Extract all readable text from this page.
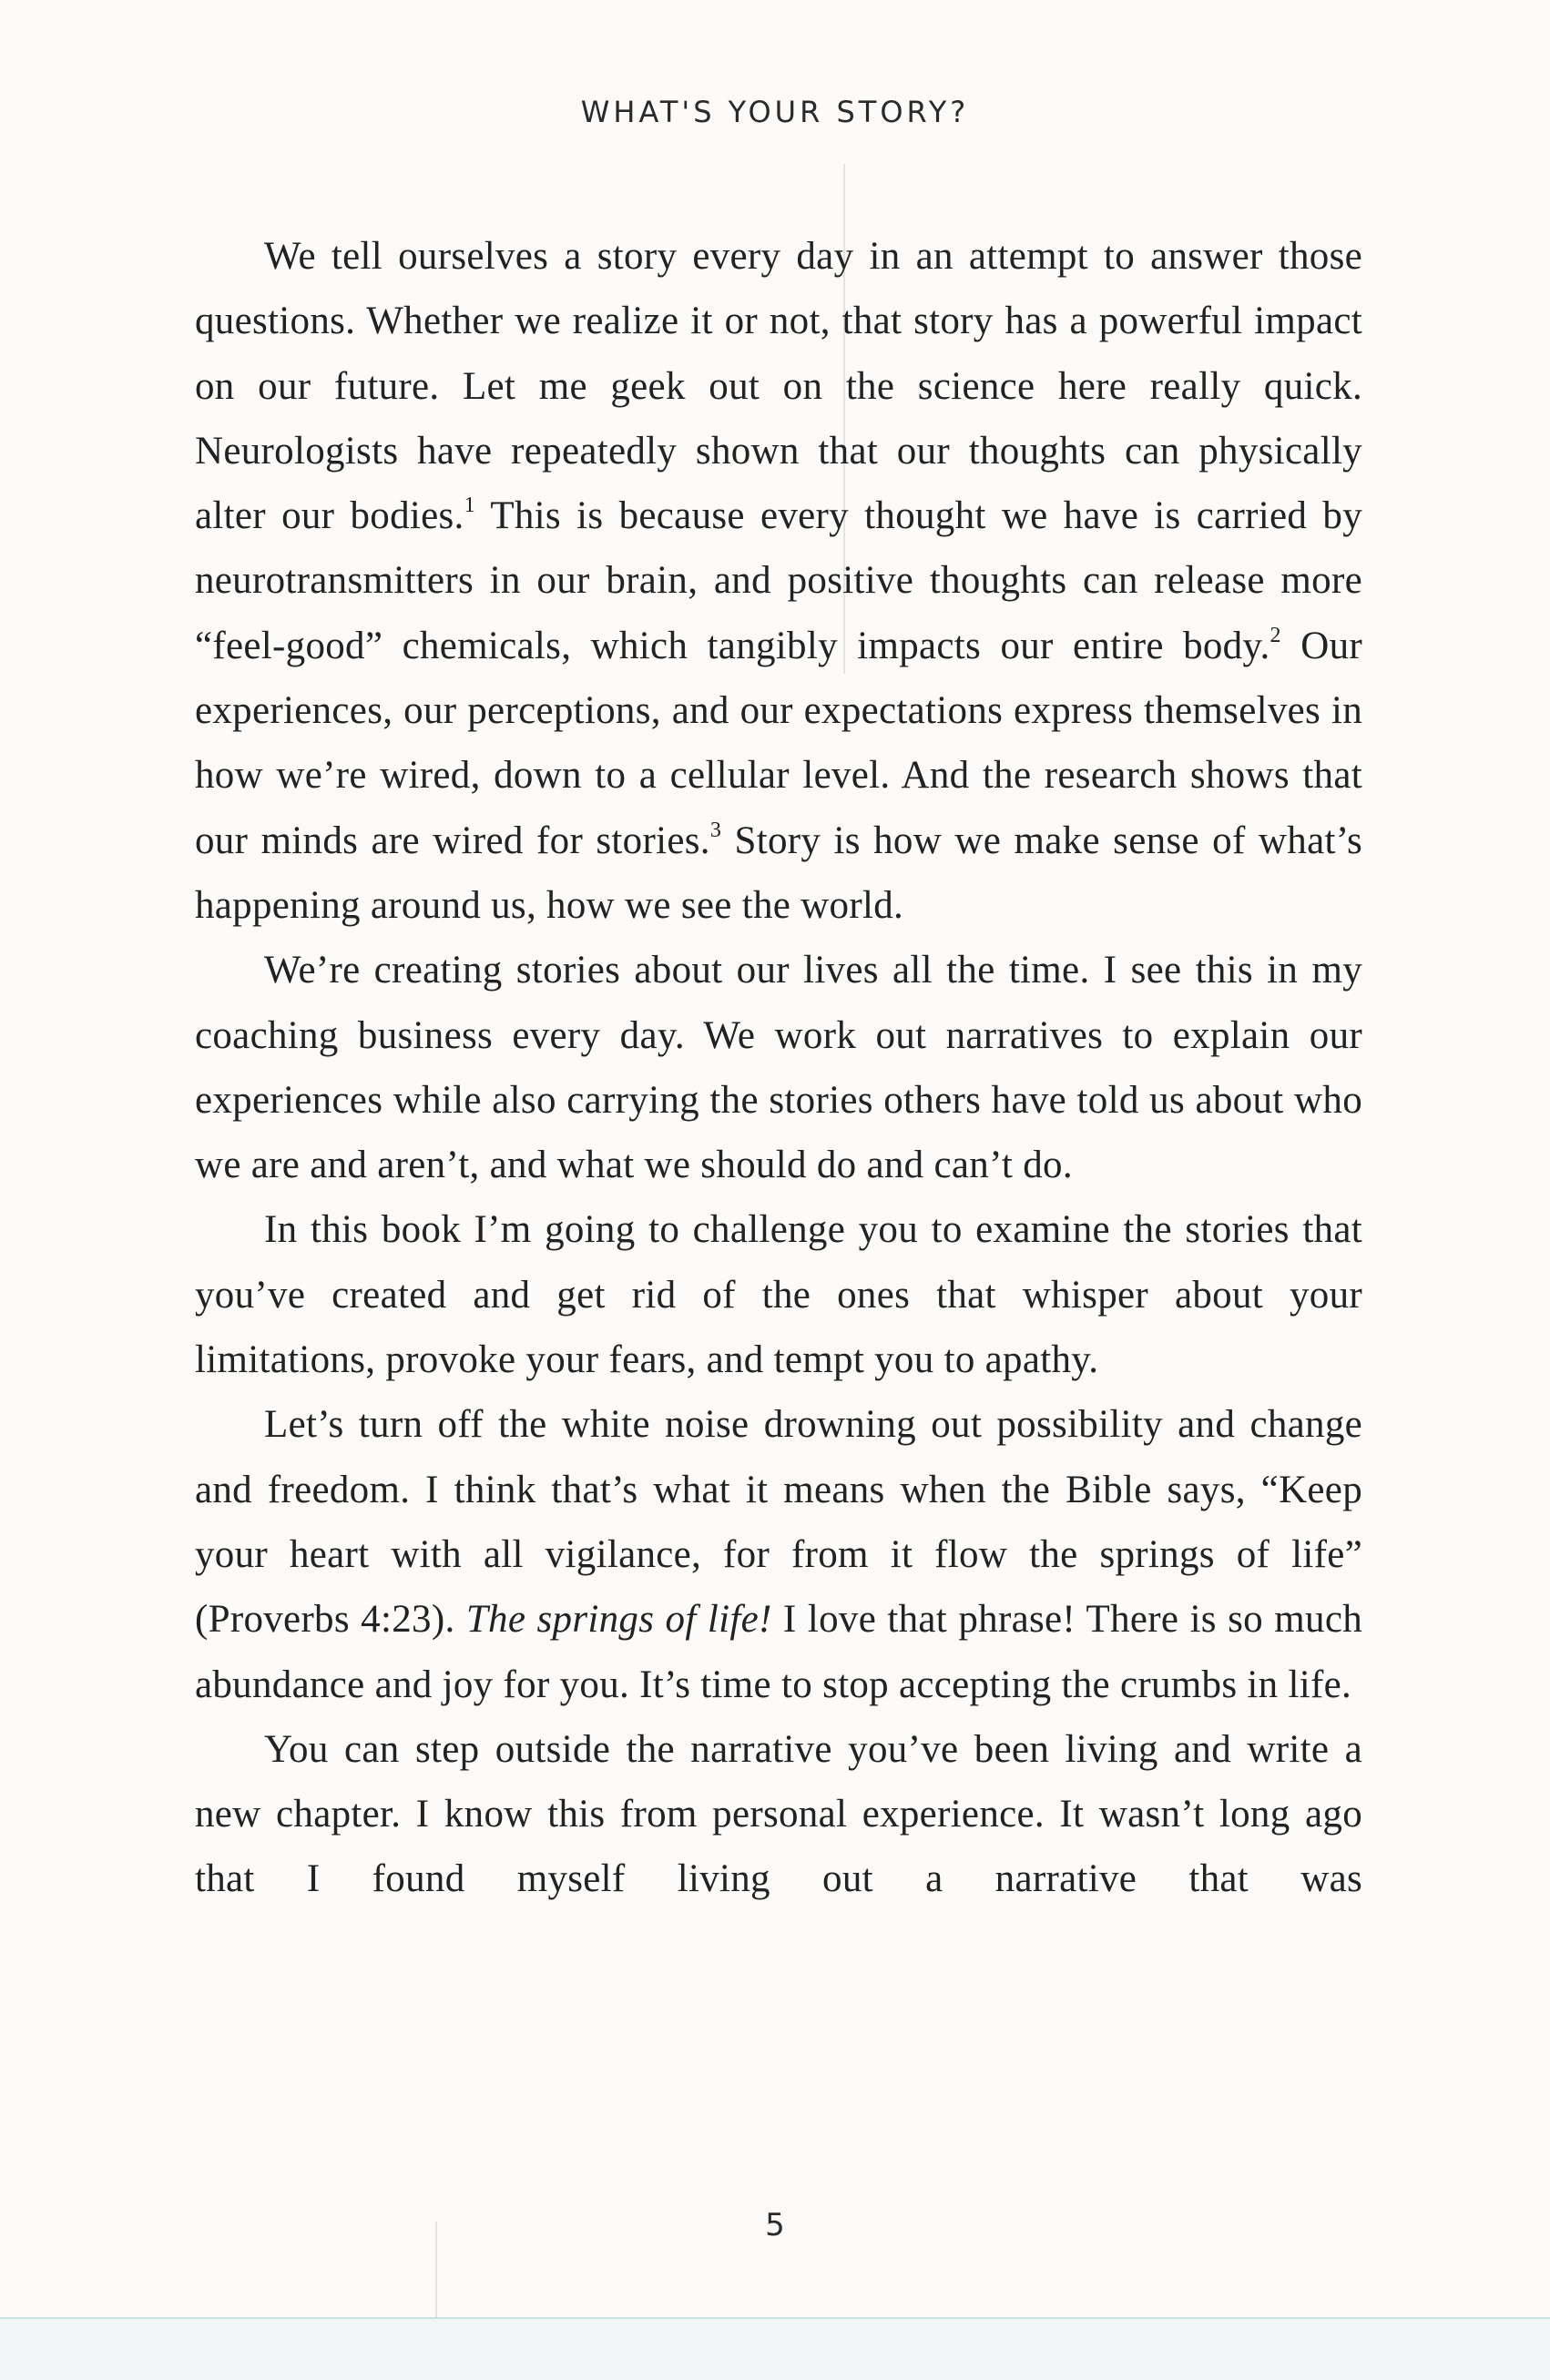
WHAT'S YOUR STORY?

We tell ourselves a story every day in an attempt to answer those questions. Whether we realize it or not, that story has a powerful impact on our future. Let me geek out on the science here really quick. Neurologists have repeatedly shown that our thoughts can physically alter our bodies.$^1$ This is because every thought we have is carried by neurotransmitters in our brain, and positive thoughts can release more “feel-good” chemicals, which tangibly impacts our entire body.$^2$ Our experiences, our perceptions, and our expectations express themselves in how we’re wired, down to a cellular level. And the research shows that our minds are wired for stories.$^3$ Story is how we make sense of what’s happening around us, how we see the world.

We’re creating stories about our lives all the time. I see this in my coaching business every day. We work out narratives to explain our experiences while also carrying the stories others have told us about who we are and aren’t, and what we should do and can’t do.

In this book I’m going to challenge you to examine the stories that you’ve created and get rid of the ones that whisper about your limitations, provoke your fears, and tempt you to apathy.

Let’s turn off the white noise drowning out possibility and change and freedom. I think that’s what it means when the Bible says, “Keep your heart with all vigilance, for from it flow the springs of life” (Proverbs 4:23). The springs of life! I love that phrase! There is so much abundance and joy for you. It’s time to stop accepting the crumbs in life.

You can step outside the narrative you’ve been living and write a new chapter. I know this from personal experience. It wasn’t long ago that I found myself living out a narrative that was

5
